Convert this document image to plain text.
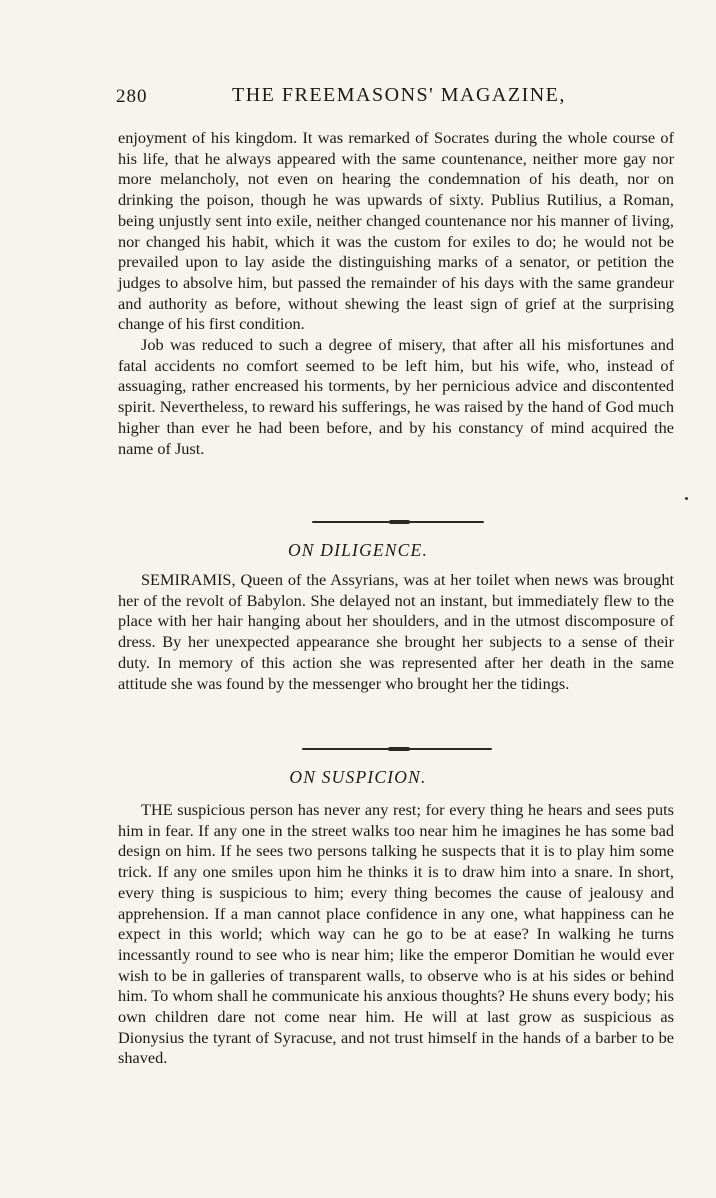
280	THE FREEMASONS' MAGAZINE,

enjoyment of his kingdom. It was remarked of Socrates during the whole course of his life, that he always appeared with the same countenance, neither more gay nor more melancholy, not even on hearing the condemnation of his death, nor on drinking the poison, though he was upwards of sixty. Publius Rutilius, a Roman, being unjustly sent into exile, neither changed countenance nor his manner of living, nor changed his habit, which it was the custom for exiles to do; he would not be prevailed upon to lay aside the distinguishing marks of a senator, or petition the judges to absolve him, but passed the remainder of his days with the same grandeur and authority as before, without shewing the least sign of grief at the surprising change of his first condition.

Job was reduced to such a degree of misery, that after all his misfortunes and fatal accidents no comfort seemed to be left him, but his wife, who, instead of assuaging, rather encreased his torments, by her pernicious advice and discontented spirit. Nevertheless, to reward his sufferings, he was raised by the hand of God much higher than ever he had been before, and by his constancy of mind acquired the name of Just.

ON DILIGENCE.

SEMIRAMIS, Queen of the Assyrians, was at her toilet when news was brought her of the revolt of Babylon. She delayed not an instant, but immediately flew to the place with her hair hanging about her shoulders, and in the utmost discomposure of dress. By her unexpected appearance she brought her subjects to a sense of their duty. In memory of this action she was represented after her death in the same attitude she was found by the messenger who brought her the tidings.

ON SUSPICION.

THE suspicious person has never any rest; for every thing he hears and sees puts him in fear. If any one in the street walks too near him he imagines he has some bad design on him. If he sees two persons talking he suspects that it is to play him some trick. If any one smiles upon him he thinks it is to draw him into a snare. In short, every thing is suspicious to him; every thing becomes the cause of jealousy and apprehension. If a man cannot place confidence in any one, what happiness can he expect in this world; which way can he go to be at ease? In walking he turns incessantly round to see who is near him; like the emperor Domitian he would ever wish to be in galleries of transparent walls, to observe who is at his sides or behind him. To whom shall he communicate his anxious thoughts? He shuns every body; his own children dare not come near him. He will at last grow as suspicious as Dionysius the tyrant of Syracuse, and not trust himself in the hands of a barber to be shaved.
